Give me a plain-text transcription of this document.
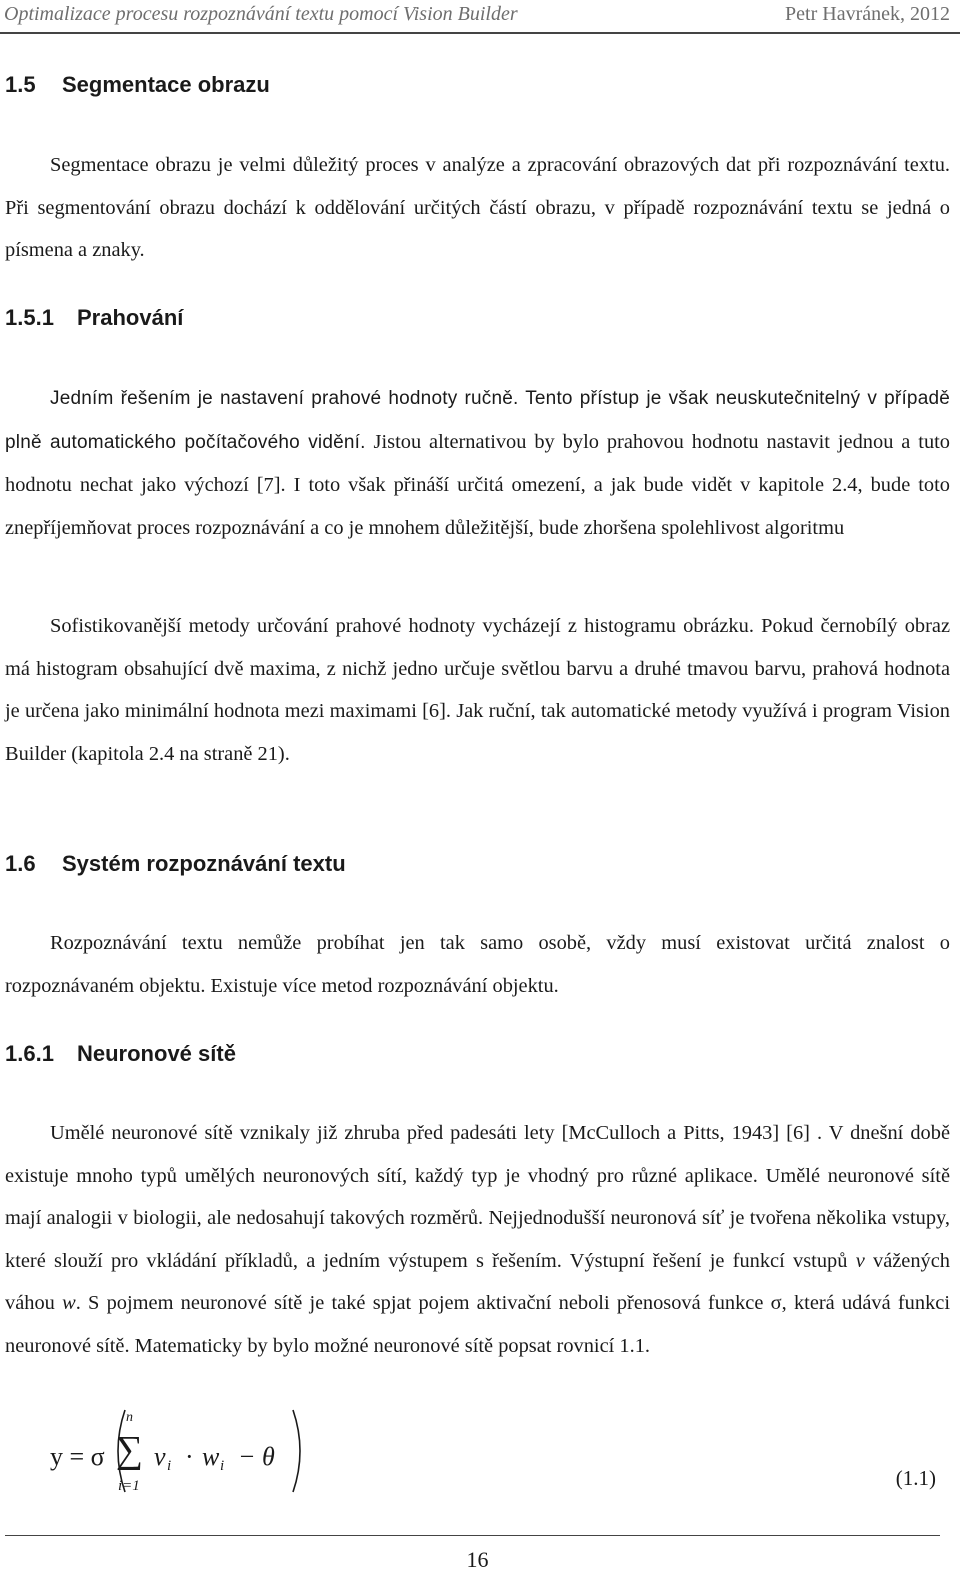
Optimalizace procesu rozpoznávání textu pomocí Vision Builder	Petr Havránek, 2012
1.5 Segmentace obrazu

Segmentace obrazu je velmi důležitý proces v analýze a zpracování obrazových dat při rozpoznávání textu. Při segmentování obrazu dochází k oddělování určitých částí obrazu, v případě rozpoznávání textu se jedná o písmena a znaky.

1.5.1 Prahování

Jedním řešením je nastavení prahové hodnoty ručně. Tento přístup je však neuskutečnitelný v případě plně automatického počítačového vidění. Jistou alternativou by bylo prahovou hodnotu nastavit jednou a tuto hodnotu nechat jako výchozí [7]. I toto však přináší určitá omezení, a jak bude vidět v kapitole 2.4, bude toto znepříjemňovat proces rozpoznávání a co je mnohem důležitější, bude zhoršena spolehlivost algoritmu

Sofistikovanější metody určování prahové hodnoty vycházejí z histogramu obrázku. Pokud černobílý obraz má histogram obsahující dvě maxima, z nichž jedno určuje světlou barvu a druhé tmavou barvu, prahová hodnota je určena jako minimální hodnota mezi maximami [6]. Jak ruční, tak automatické metody využívá i program Vision Builder (kapitola 2.4 na straně 21).

1.6 Systém rozpoznávání textu

Rozpoznávání textu nemůže probíhat jen tak samo osobě, vždy musí existovat určitá znalost o rozpoznávaném objektu. Existuje více metod rozpoznávání objektu.

1.6.1 Neuronové sítě

Umělé neuronové sítě vznikaly již zhruba před padesáti lety [McCulloch a Pitts, 1943] [6] . V dnešní době existuje mnoho typů umělých neuronových sítí, každý typ je vhodný pro různé aplikace. Umělé neuronové sítě mají analogii v biologii, ale nedosahují takových rozměrů. Nejjednodušší neuronová síť je tvořena několika vstupy, které slouží pro vkládání příkladů, a jedním výstupem s řešením. Výstupní řešení je funkcí vstupů v vážených váhou w. S pojmem neuronové sítě je také spjat pojem aktivační neboli přenosová funkce σ, která udává funkci neuronové sítě. Matematicky by bylo možné neuronové sítě popsat rovnicí 1.1.

y = σ
n
∑
i=1
v i · w i − θ
(1.1)
16
